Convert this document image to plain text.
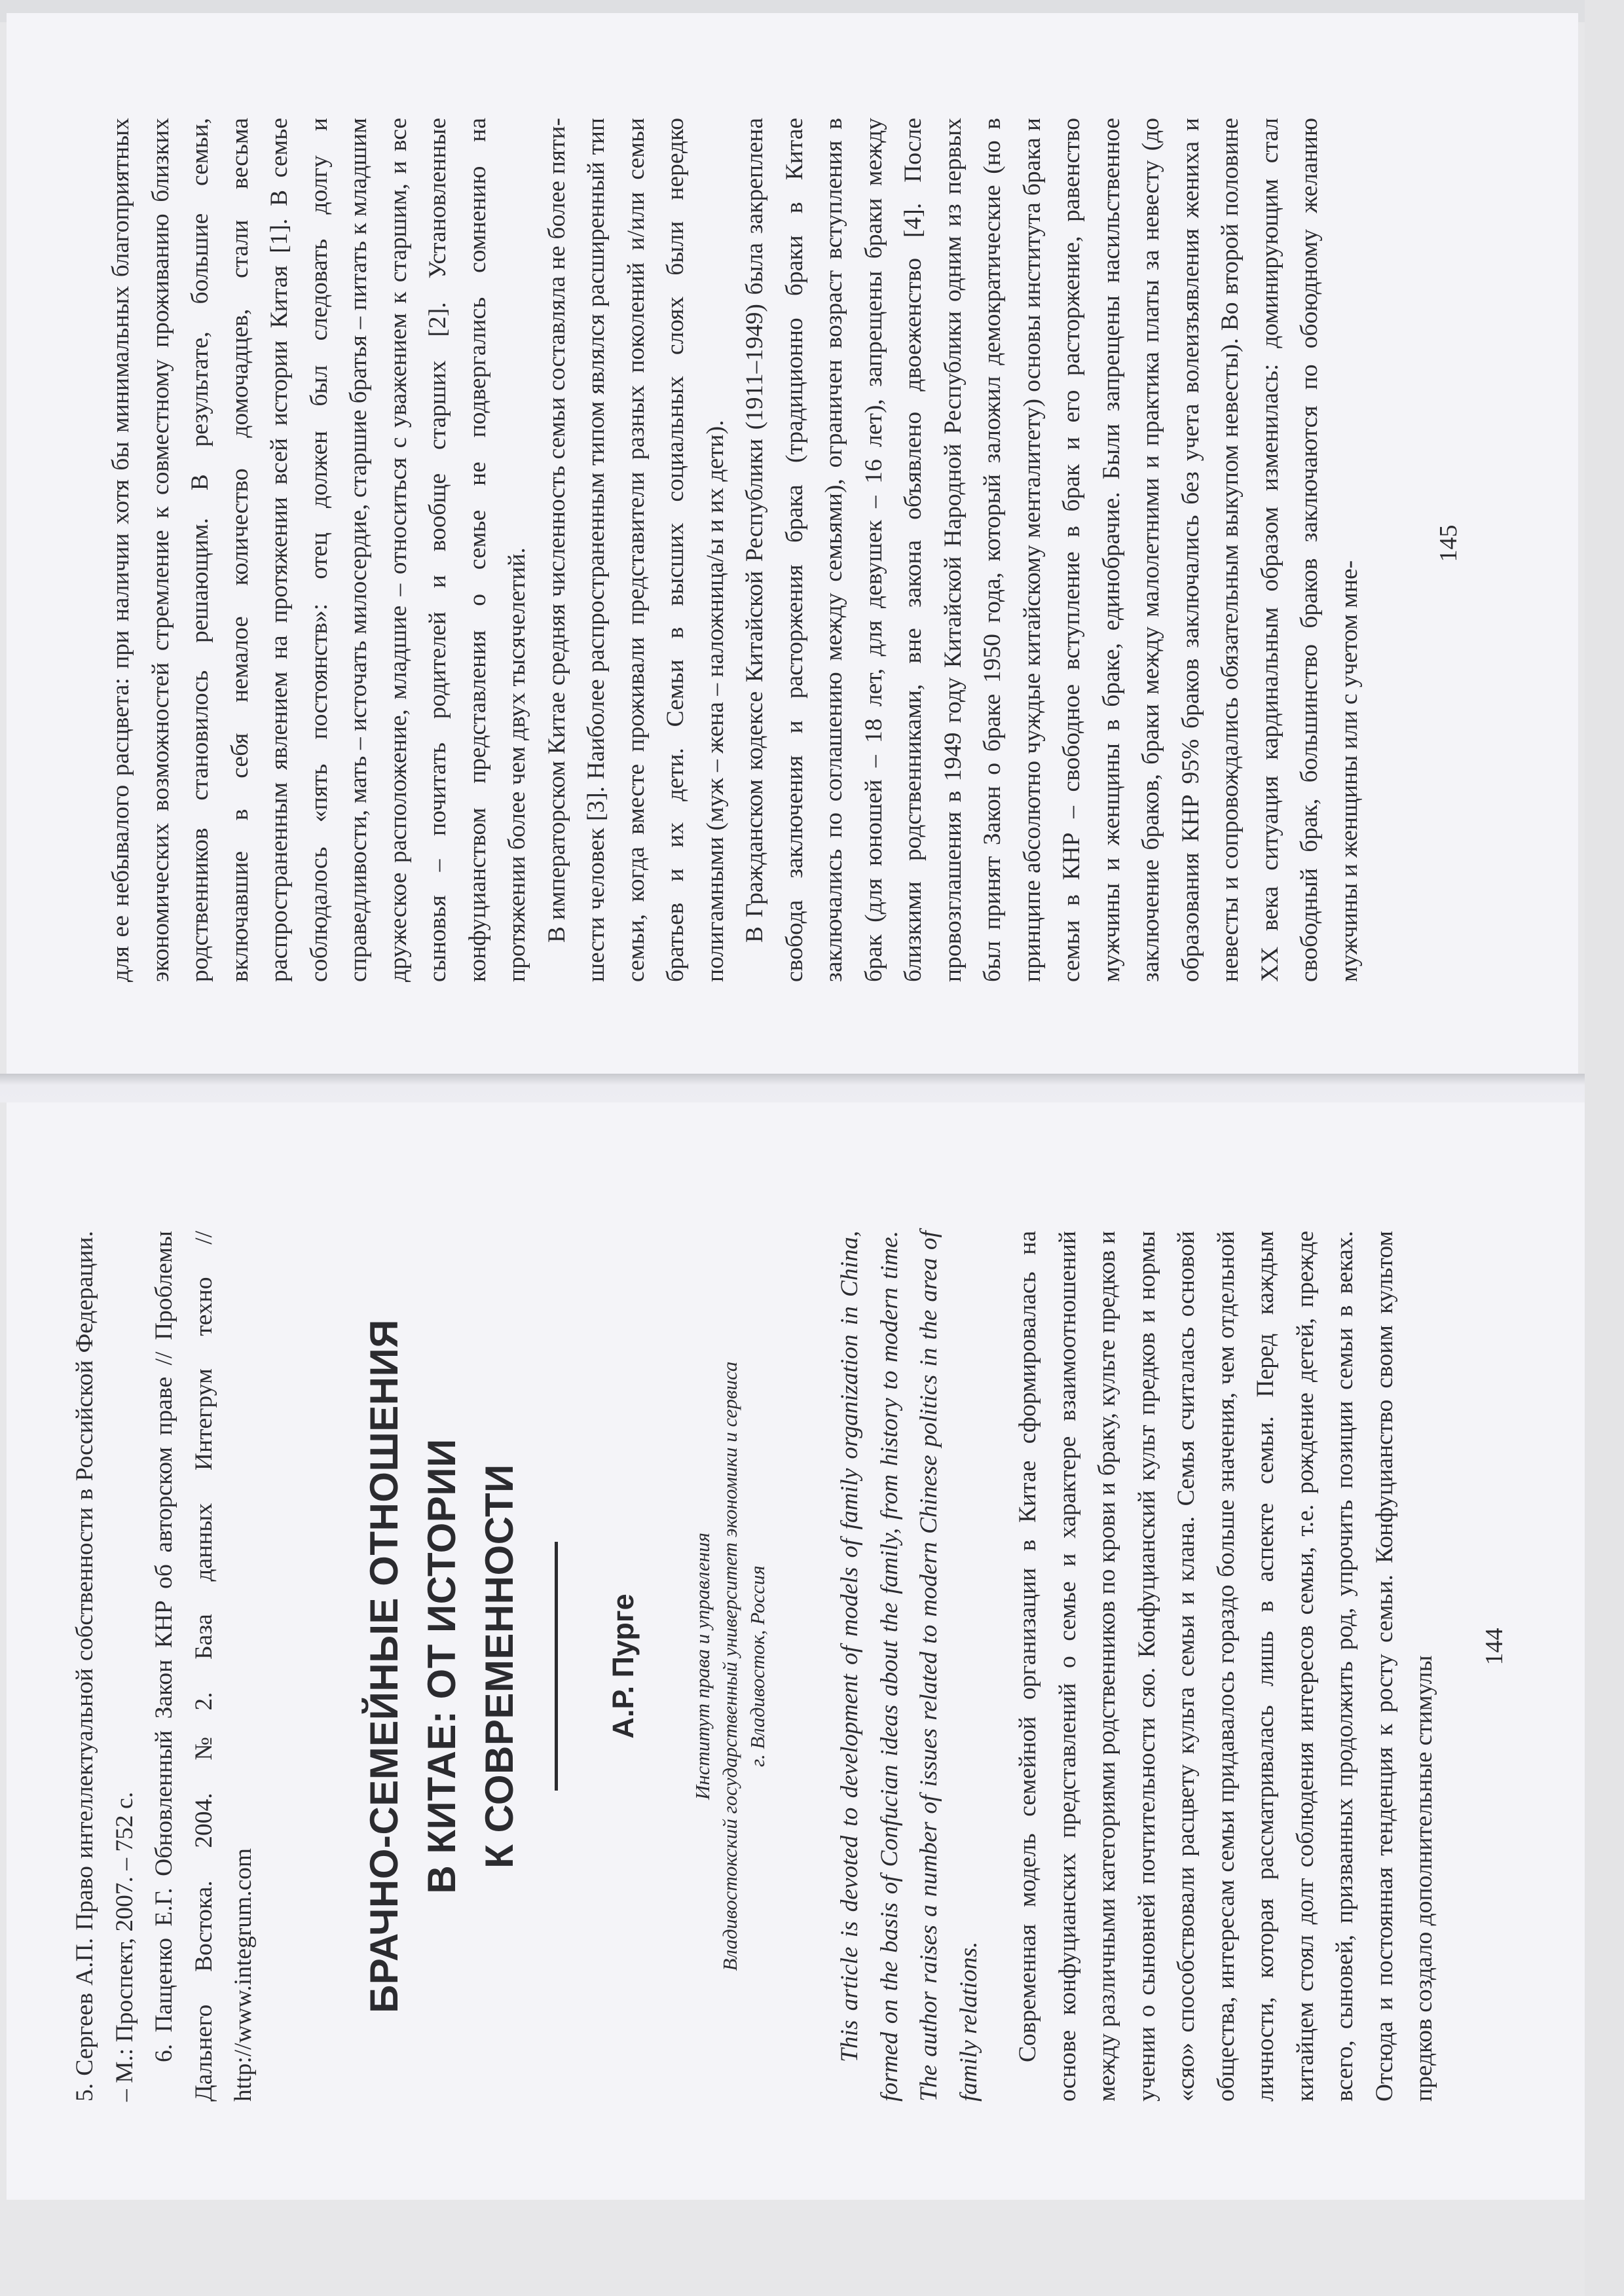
5. Сергеев А.П. Право интеллектуальной собственности в Российской Федерации. – М.: Проспект, 2007. – 752 с. 6. Пащенко Е.Г. Обновленный Закон КНР об авторском праве // Проблемы Дальнего Востока. 2004. №2. База данных Интегрум техно // http://www.integrum.com	БРАЧНО-СЕМЕЙНЫЕ ОТНОШЕНИЯ В КИТАЕ: ОТ ИСТОРИИ К СОВРЕМЕННОСТИ	А.Р. Пурге	Институт права и управления Владивостокский государственный университет экономики и сервиса г. Владивосток, Россия	This article is devoted to development of models of family organization in China, formed on the basis of Confucian ideas about the family, from history to modern time. The author raises a number of issues related to modern Chinese politics in the area of family relations. Современная модель семейной организации в Китае сформировалась на основе конфуцианских представлений о семье и характере взаимоотношений между различными категориями родственников по крови и браку, культе предков и учении о сыновней почтительности сяо. Конфуцианский культ предков и нормы «сяо» способствовали расцвету культа семьи и клана. Семья считалась основой общества, интересам семьи придавалось гораздо больше значения, чем отдельной личности, которая рассматривалась лишь в аспекте семьи. Перед каждым китайцем стоял долг соблюдения интересов семьи, т.е. рождение детей, прежде всего, сыновей, призванных продолжить род, упрочить позиции семьи в веках. Отсюда и постоянная тенденция к росту семьи. Конфуцианство своим культом предков создало дополнительные стимулы

144

для ее небывалого расцвета: при наличии хотя бы минимальных благоприятных экономических возможностей стремление к совместному проживанию близких родственников становилось решающим. В результате, большие семьи, включавшие в себя немалое количество домочадцев, стали весьма распространенным явлением на протяжении всей истории Китая [1]. В семье соблюдалось «пять постоянств»: отец должен был следовать долгу и справедливости, мать – источать милосердие, старшие братья – питать к младшим дружеское расположение, младшие – относиться с уважением к старшим, и все сыновья – почитать родителей и вообще старших [2]. Установленные конфуцианством представления о семье не подвергались сомнению на протяжении более чем двух тысячелетий. В императорском Китае средняя численность семьи составляла не более пяти-шести человек [3]. Наиболее распространенным типом являлся расширенный тип семьи, когда вместе проживали представители разных поколений и/или семьи братьев и их дети. Семьи в высших социальных слоях были нередко полигамными (муж – жена – наложница/ы и их дети). В Гражданском кодексе Китайской Республики (1911–1949) была закреплена свобода заключения и расторжения брака (традиционно браки в Китае заключались по соглашению между семьями), ограничен возраст вступления в брак (для юношей – 18 лет, для девушек – 16 лет), запрещены браки между близкими родственниками, вне закона объявлено двоеженство [4]. После провозглашения в 1949 году Китайской Народной Республики одним из первых был принят Закон о браке 1950 года, который заложил демократические (но в принципе абсолютно чуждые китайскому менталитету) основы института брака и семьи в КНР – свободное вступление в брак и его расторжение, равенство мужчины и женщины в браке, единобрачие. Были запрещены насильственное заключение браков, браки между малолетними и практика платы за невесту (до образования КНР 95% браков заключались без учета волеизъявления жениха и невесты и сопровождались обязательным выкупом невесты). Во второй половине XX века ситуация кардинальным образом изменилась: доминирующим стал свободный брак, большинство браков заключаются по обоюдному желанию мужчины и женщины или с учетом мне-

145
